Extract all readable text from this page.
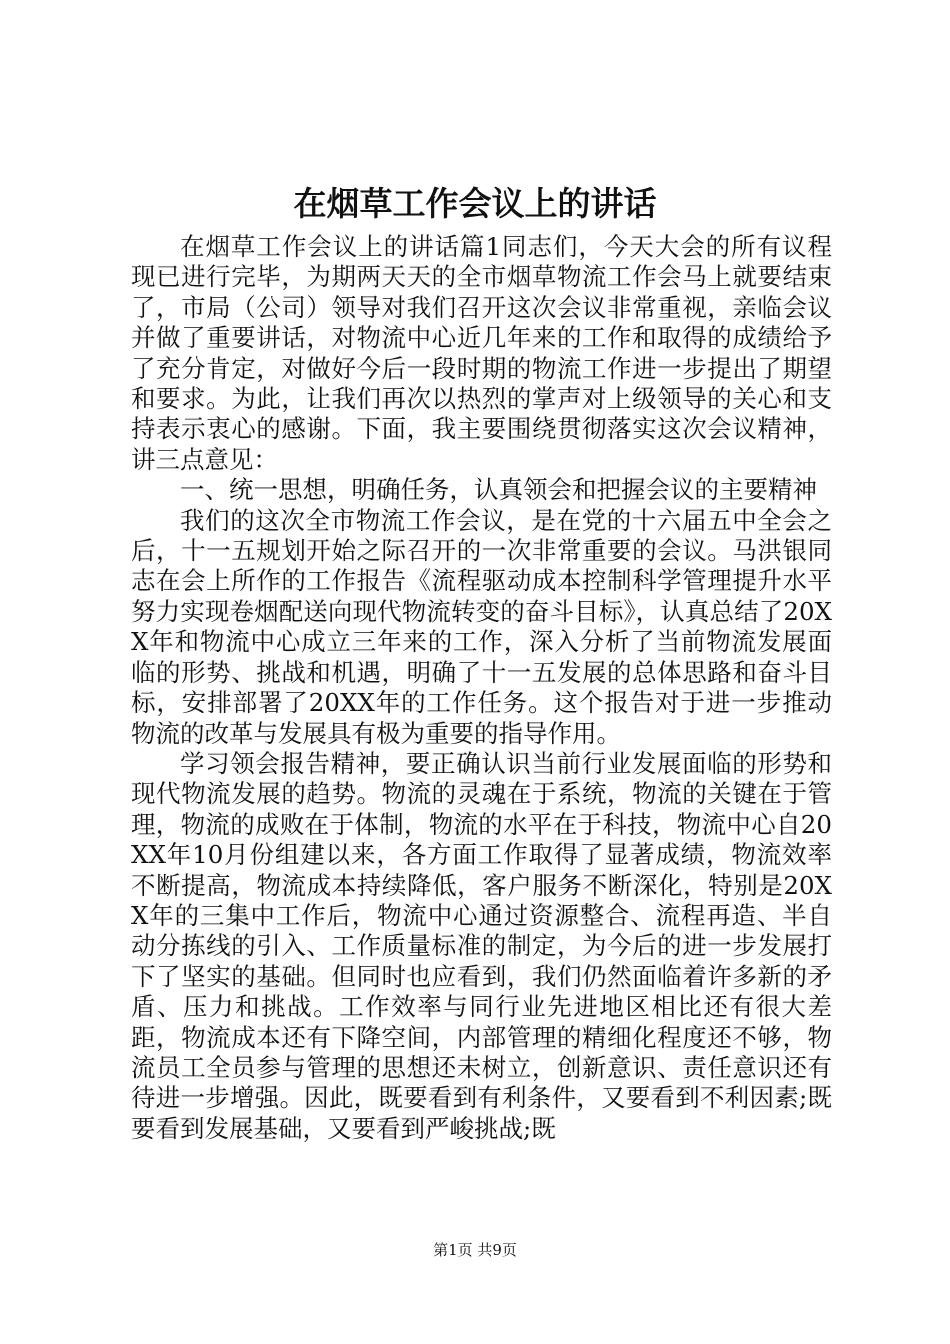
在烟草工作会议上的讲话

在烟草工作会议上的讲话篇1同志们，今天大会的所有议程现已进行完毕，为期两天天的全市烟草物流工作会马上就要结束了，市局（公司）领导对我们召开这次会议非常重视，亲临会议并做了重要讲话，对物流中心近几年来的工作和取得的成绩给予了充分肯定，对做好今后一段时期的物流工作进一步提出了期望和要求。为此，让我们再次以热烈的掌声对上级领导的关心和支持表示衷心的感谢。下面，我主要围绕贯彻落实这次会议精神，讲三点意见：

一、统一思想，明确任务，认真领会和把握会议的主要精神

我们的这次全市物流工作会议，是在党的十六届五中全会之后，十一五规划开始之际召开的一次非常重要的会议。马洪银同志在会上所作的工作报告《流程驱动成本控制科学管理提升水平努力实现卷烟配送向现代物流转变的奋斗目标》，认真总结了20XX年和物流中心成立三年来的工作，深入分析了当前物流发展面临的形势、挑战和机遇，明确了十一五发展的总体思路和奋斗目标，安排部署了20XX年的工作任务。这个报告对于进一步推动物流的改革与发展具有极为重要的指导作用。

学习领会报告精神，要正确认识当前行业发展面临的形势和现代物流发展的趋势。物流的灵魂在于系统，物流的关键在于管理，物流的成败在于体制，物流的水平在于科技，物流中心自20XX年10月份组建以来，各方面工作取得了显著成绩，物流效率不断提高，物流成本持续降低，客户服务不断深化，特别是20XX年的三集中工作后，物流中心通过资源整合、流程再造、半自动分拣线的引入、工作质量标准的制定，为今后的进一步发展打下了坚实的基础。但同时也应看到，我们仍然面临着许多新的矛盾、压力和挑战。工作效率与同行业先进地区相比还有很大差距，物流成本还有下降空间，内部管理的精细化程度还不够，物流员工全员参与管理的思想还未树立，创新意识、责任意识还有待进一步增强。因此，既要看到有利条件，又要看到不利因素;既要看到发展基础，又要看到严峻挑战;既

第1页 共9页
